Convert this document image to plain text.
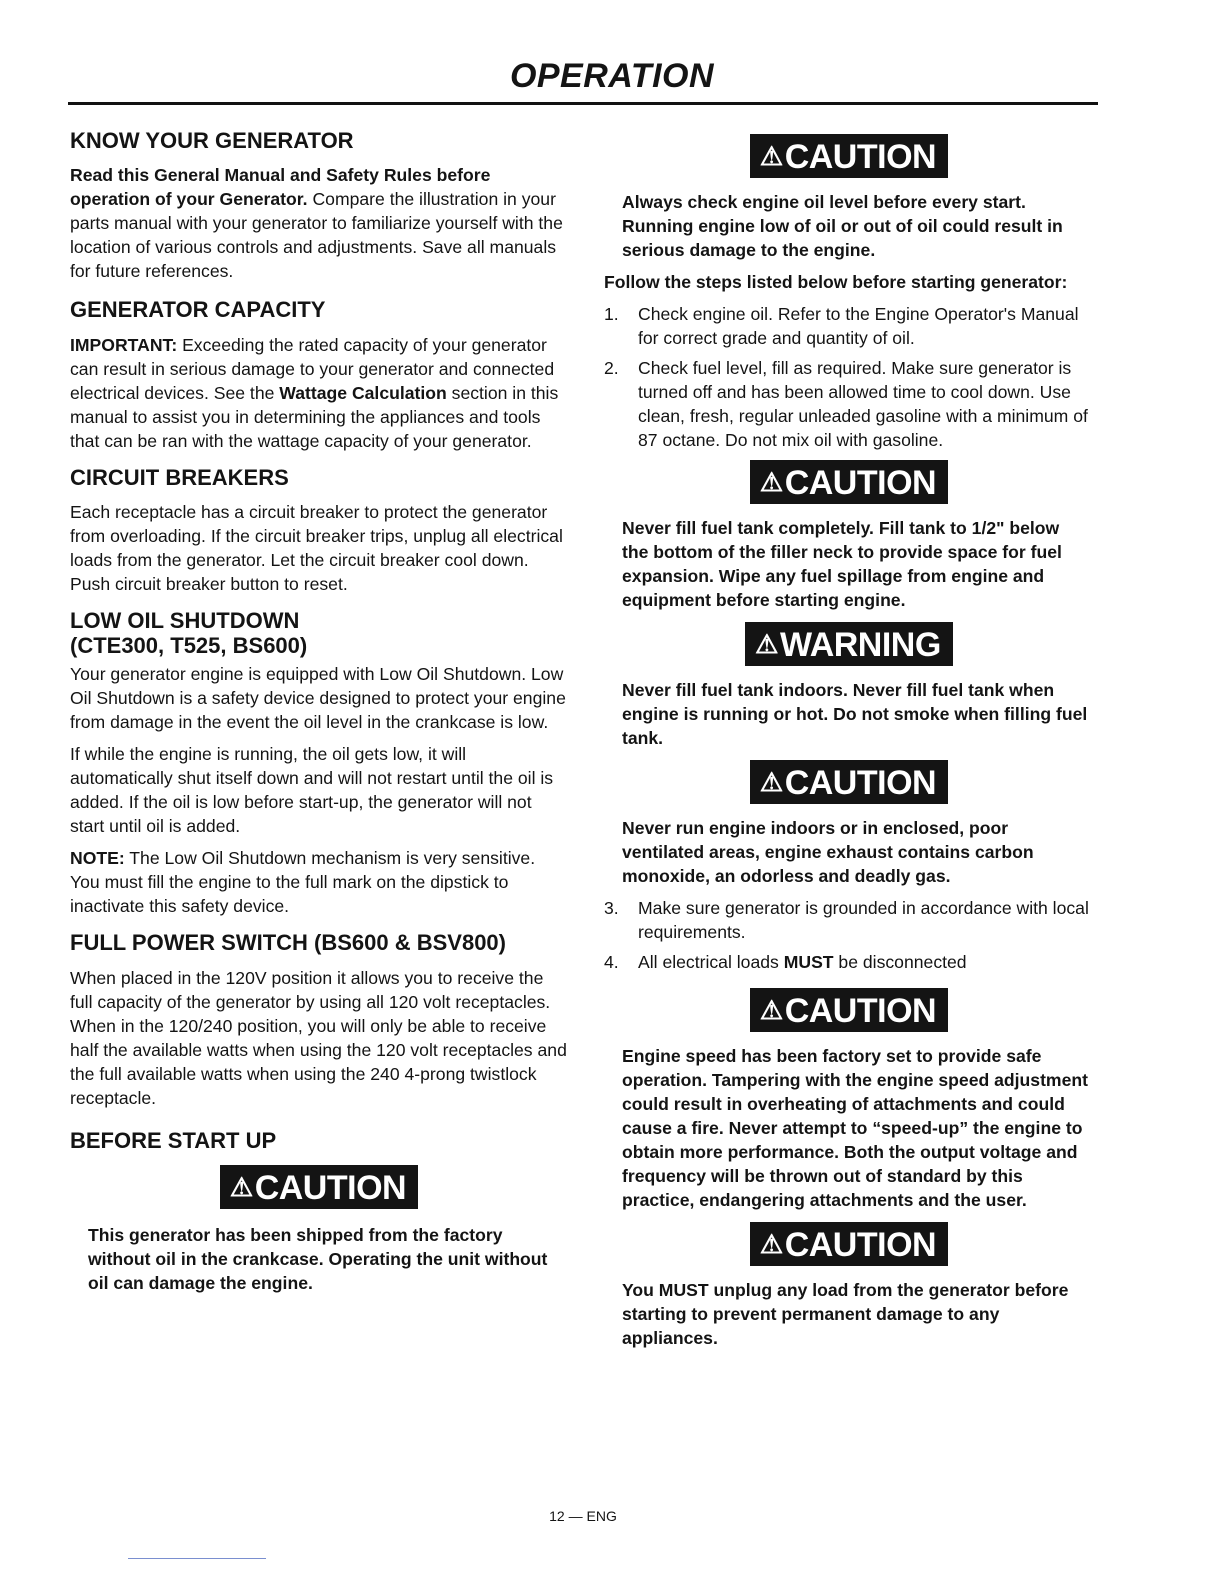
OPERATION
KNOW YOUR GENERATOR

Read this General Manual and Safety Rules before operation of your Generator. Compare the illustration in your parts manual with your generator to familiarize yourself with the location of various controls and adjustments. Save all manuals for future references.

GENERATOR CAPACITY

IMPORTANT: Exceeding the rated capacity of your generator can result in serious damage to your generator and connected electrical devices. See the Wattage Calculation section in this manual to assist you in determining the appliances and tools that can be ran with the wattage capacity of your generator.

CIRCUIT BREAKERS

Each receptacle has a circuit breaker to protect the generator from overloading. If the circuit breaker trips, unplug all electrical loads from the generator. Let the circuit breaker cool down. Push circuit breaker button to reset.

LOW OIL SHUTDOWN
(CTE300, T525, BS600)

Your generator engine is equipped with Low Oil Shutdown. Low Oil Shutdown is a safety device designed to protect your engine from damage in the event the oil level in the crankcase is low.

If while the engine is running, the oil gets low, it will automatically shut itself down and will not restart until the oil is added. If the oil is low before start-up, the generator will not start until oil is added.

NOTE: The Low Oil Shutdown mechanism is very sensitive. You must fill the engine to the full mark on the dipstick to inactivate this safety device.

FULL POWER SWITCH (BS600 & BSV800)

When placed in the 120V position it allows you to receive the full capacity of the generator by using all 120 volt receptacles. When in the 120/240 position, you will only be able to receive half the available watts when using the 120 volt receptacles and the full available watts when using the 240 4-prong twistlock receptacle.

BEFORE START UP
⚠CAUTION

This generator has been shipped from the factory without oil in the crankcase. Operating the unit without oil can damage the engine.

⚠CAUTION

Always check engine oil level before every start. Running engine low of oil or out of oil could result in serious damage to the engine.

Follow the steps listed below before starting generator:

1. Check engine oil. Refer to the Engine Operator's Manual for correct grade and quantity of oil.
2. Check fuel level, fill as required. Make sure generator is turned off and has been allowed time to cool down. Use clean, fresh, regular unleaded gasoline with a minimum of 87 octane. Do not mix oil with gasoline.
⚠CAUTION

Never fill fuel tank completely. Fill tank to 1/2" below the bottom of the filler neck to provide space for fuel expansion. Wipe any fuel spillage from engine and equipment before starting engine.

⚠WARNING

Never fill fuel tank indoors. Never fill fuel tank when engine is running or hot. Do not smoke when filling fuel tank.

⚠CAUTION

Never run engine indoors or in enclosed, poor ventilated areas, engine exhaust contains carbon monoxide, an odorless and deadly gas.

3. Make sure generator is grounded in accordance with local requirements.
4. All electrical loads MUST be disconnected
⚠CAUTION

Engine speed has been factory set to provide safe operation. Tampering with the engine speed adjustment could result in overheating of attachments and could cause a fire. Never attempt to “speed-up” the engine to obtain more performance. Both the output voltage and frequency will be thrown out of standard by this practice, endangering attachments and the user.

⚠CAUTION

You MUST unplug any load from the generator before starting to prevent permanent damage to any appliances.

12 — ENG
